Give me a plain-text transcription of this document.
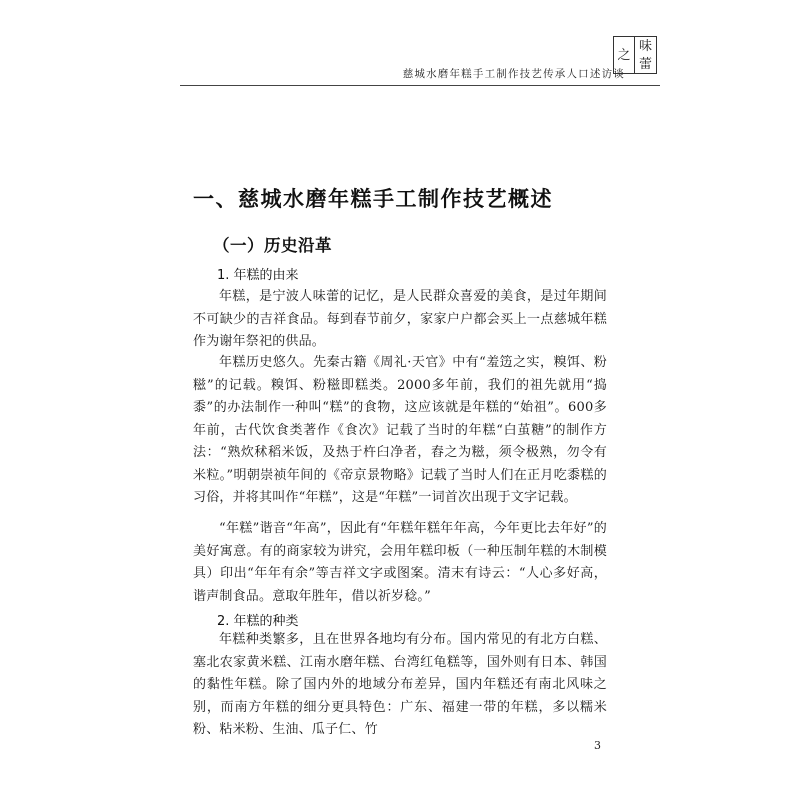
之
味
蕾
慈城水磨年糕手工制作技艺传承人口述访谈
一、慈城水磨年糕手工制作技艺概述
（一）历史沿革
1. 年糕的由来

年糕，是宁波人味蕾的记忆，是人民群众喜爱的美食，是过年期间不可缺少的吉祥食品。每到春节前夕，家家户户都会买上一点慈城年糕作为谢年祭祀的供品。

年糕历史悠久。先秦古籍《周礼·天官》中有“羞笾之实，糗饵、粉糍”的记载。糗饵、粉糍即糕类。2000多年前，我们的祖先就用“捣黍”的办法制作一种叫“糕”的食物，这应该就是年糕的“始祖”。600多年前，古代饮食类著作《食次》记载了当时的年糕“白茧糖”的制作方法：“熟炊秫稻米饭，及热于杵臼净者，舂之为糍，须令极熟，勿令有米粒。”明朝崇祯年间的《帝京景物略》记载了当时人们在正月吃黍糕的习俗，并将其叫作“年糕”，这是“年糕”一词首次出现于文字记载。

“年糕”谐音“年高”，因此有“年糕年糕年年高，今年更比去年好”的美好寓意。有的商家较为讲究，会用年糕印板（一种压制年糕的木制模具）印出“年年有余”等吉祥文字或图案。清末有诗云：“人心多好高，谐声制食品。意取年胜年，借以祈岁稔。”

2. 年糕的种类

年糕种类繁多，且在世界各地均有分布。国内常见的有北方白糕、塞北农家黄米糕、江南水磨年糕、台湾红龟糕等，国外则有日本、韩国的黏性年糕。除了国内外的地域分布差异，国内年糕还有南北风味之别，而南方年糕的细分更具特色：广东、福建一带的年糕，多以糯米粉、粘米粉、生油、瓜子仁、竹

3
